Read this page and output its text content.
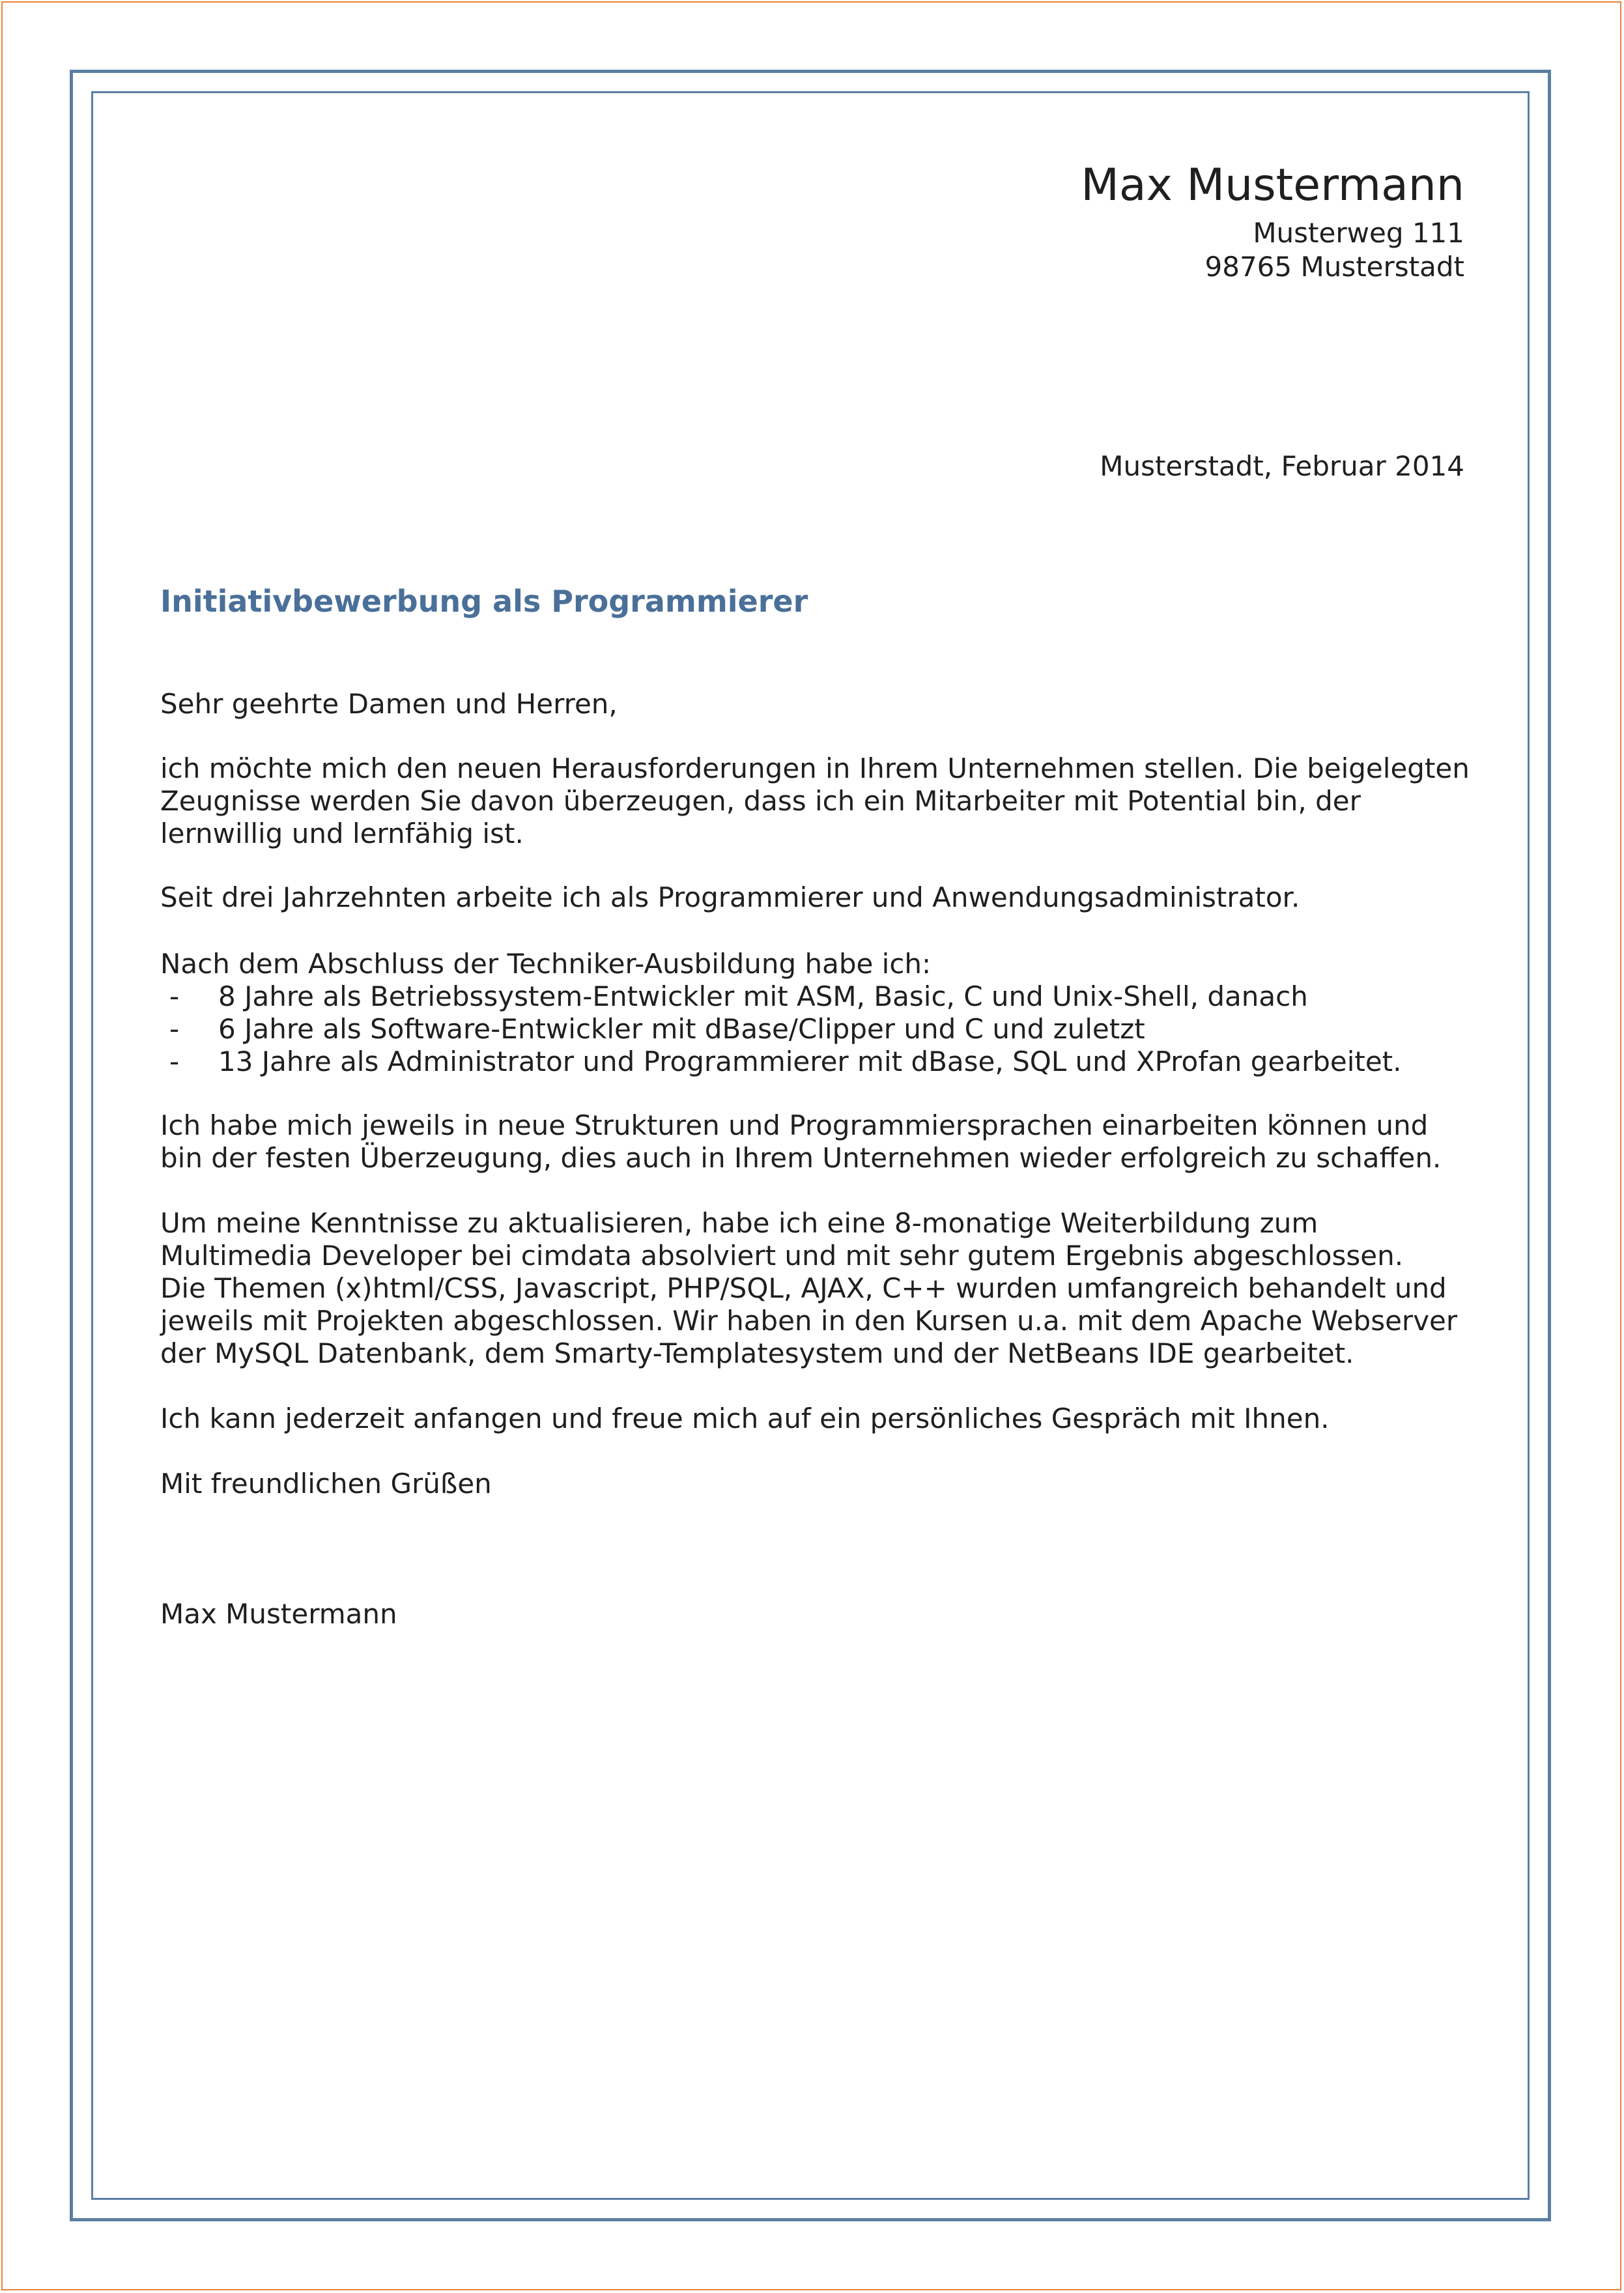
Max Mustermann
Musterweg 111
98765 Musterstadt
Musterstadt, Februar 2014
Initiativbewerbung als Programmierer
Sehr geehrte Damen und Herren,
ich möchte mich den neuen Herausforderungen in Ihrem Unternehmen stellen. Die beigelegten
Zeugnisse werden Sie davon überzeugen, dass ich ein Mitarbeiter mit Potential bin, der
lernwillig und lernfähig ist.
Seit drei Jahrzehnten arbeite ich als Programmierer und Anwendungsadministrator.
Nach dem Abschluss der Techniker-Ausbildung habe ich:
- 8 Jahre als Betriebssystem-Entwickler mit ASM, Basic, C und Unix-Shell, danach
- 6 Jahre als Software-Entwickler mit dBase/Clipper und C und zuletzt
- 13 Jahre als Administrator und Programmierer mit dBase, SQL und XProfan gearbeitet.
Ich habe mich jeweils in neue Strukturen und Programmiersprachen einarbeiten können und
bin der festen Überzeugung, dies auch in Ihrem Unternehmen wieder erfolgreich zu schaffen.
Um meine Kenntnisse zu aktualisieren, habe ich eine 8-monatige Weiterbildung zum
Multimedia Developer bei cimdata absolviert und mit sehr gutem Ergebnis abgeschlossen.
Die Themen (x)html/CSS, Javascript, PHP/SQL, AJAX, C++ wurden umfangreich behandelt und
jeweils mit Projekten abgeschlossen. Wir haben in den Kursen u.a. mit dem Apache Webserver
der MySQL Datenbank, dem Smarty-Templatesystem und der NetBeans IDE gearbeitet.
Ich kann jederzeit anfangen und freue mich auf ein persönliches Gespräch mit Ihnen.
Mit freundlichen Grüßen
Max Mustermann
